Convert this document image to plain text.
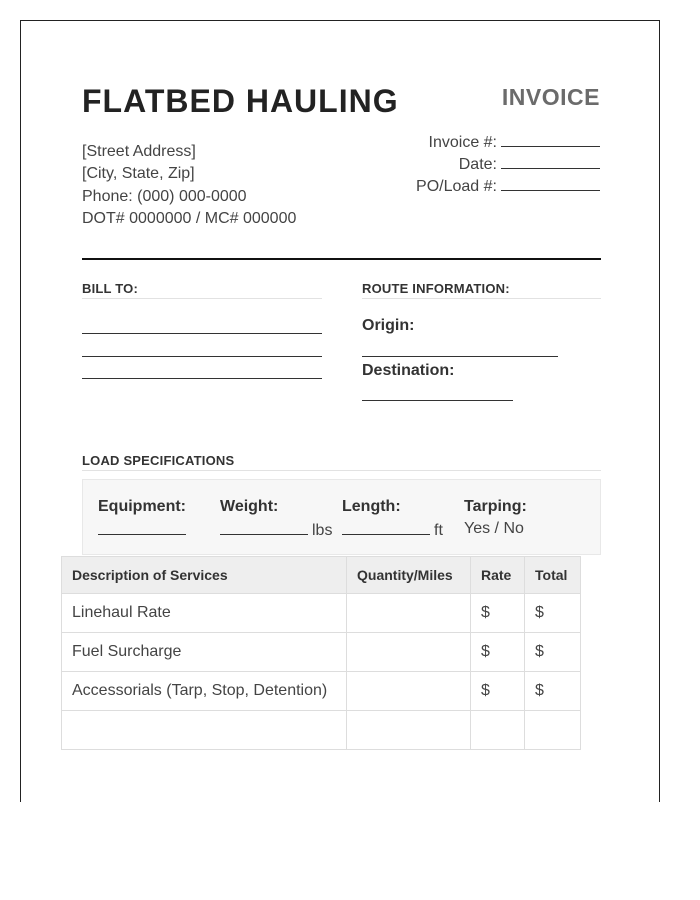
FLATBED HAULING	INVOICE
[Street Address]
[City, State, Zip]
Phone: (000) 000-0000
DOT# 0000000 / MC# 000000
Invoice #:
Date:
PO/Load #:
BILL TO:	ROUTE INFORMATION:
Origin:
Destination:
LOAD SPECIFICATIONS
Equipment: Weight:
lbs
Length:
ft
Tarping:
Yes / No
Description of Services	Quantity/Miles	Rate	Total
Linehaul Rate		$	$
Fuel Surcharge		$	$
Accessorials (Tarp, Stop, Detention)		$	$
